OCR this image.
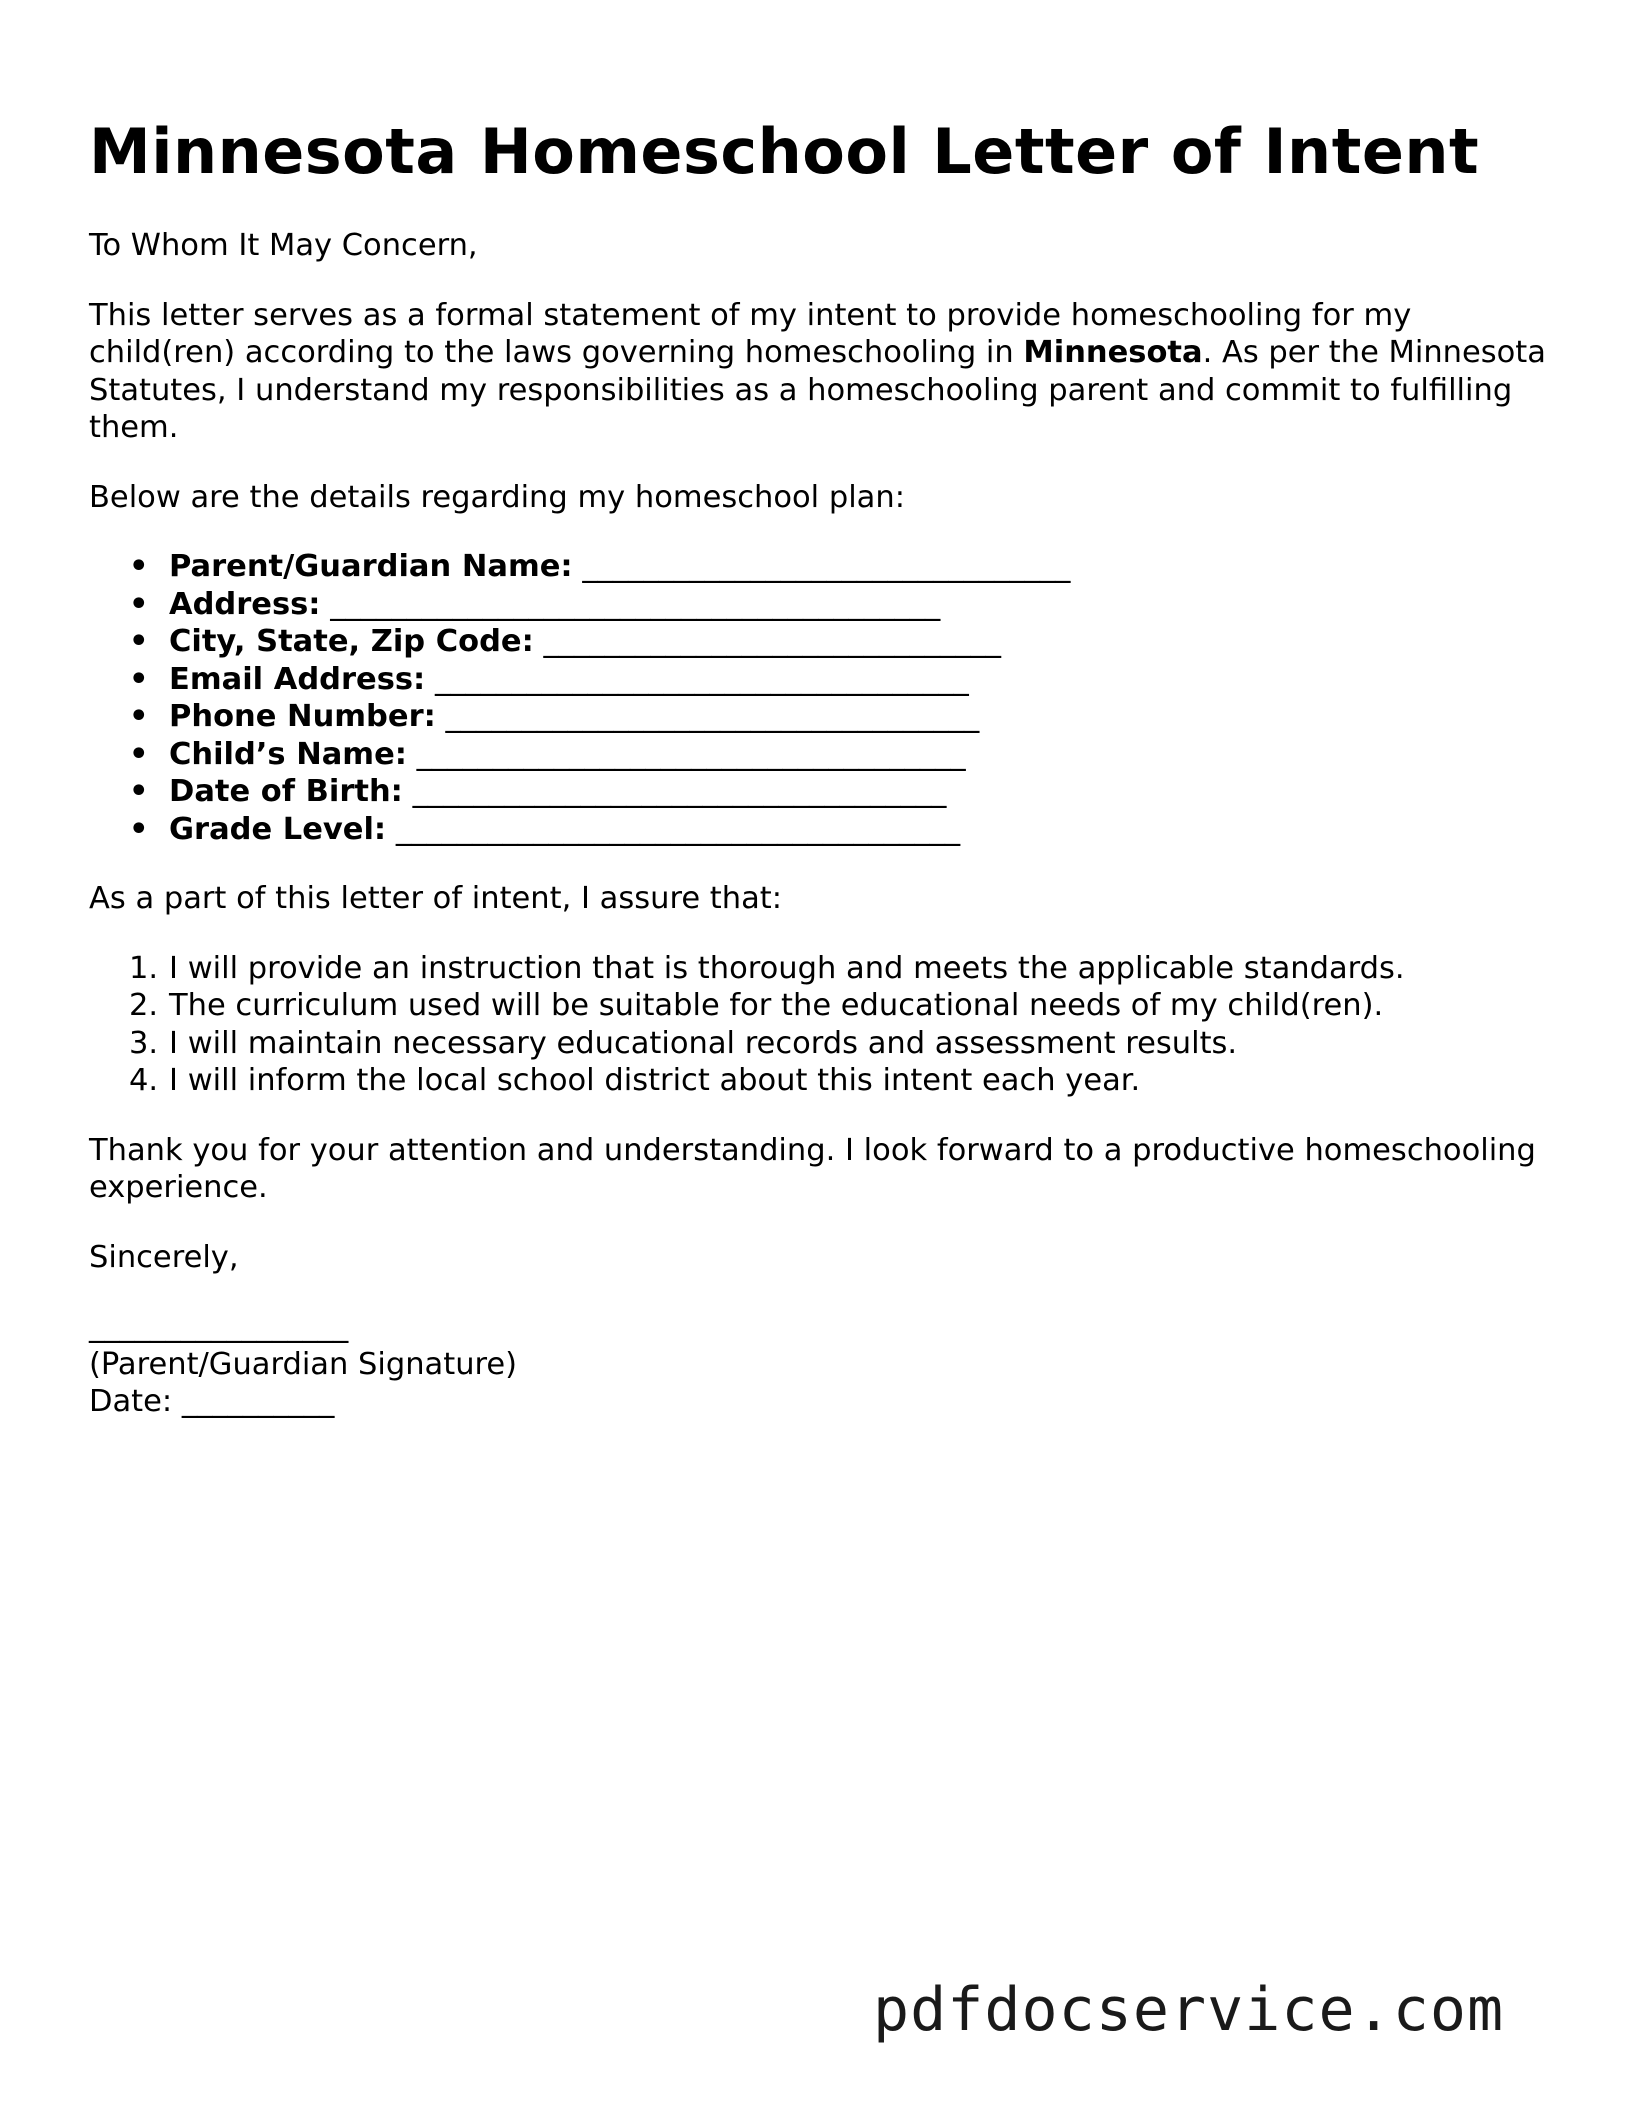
Minnesota Homeschool Letter of Intent

To Whom It May Concern,

This letter serves as a formal statement of my intent to provide homeschooling for my child(ren) according to the laws governing homeschooling in Minnesota. As per the Minnesota Statutes, I understand my responsibilities as a homeschooling parent and commit to fulfilling them.

Below are the details regarding my homeschool plan:

• Parent/Guardian Name: ________________________________
• Address: ________________________________________
• City, State, Zip Code: ______________________________
• Email Address: ___________________________________
• Phone Number: ___________________________________
• Child’s Name: ____________________________________
• Date of Birth: ___________________________________
• Grade Level: _____________________________________

As a part of this letter of intent, I assure that:

1. I will provide an instruction that is thorough and meets the applicable standards.
2. The curriculum used will be suitable for the educational needs of my child(ren).
3. I will maintain necessary educational records and assessment results.
4. I will inform the local school district about this intent each year.

Thank you for your attention and understanding. I look forward to a productive homeschooling experience.

Sincerely,

_________________
(Parent/Guardian Signature)
Date: __________
pdfdocservice.com
